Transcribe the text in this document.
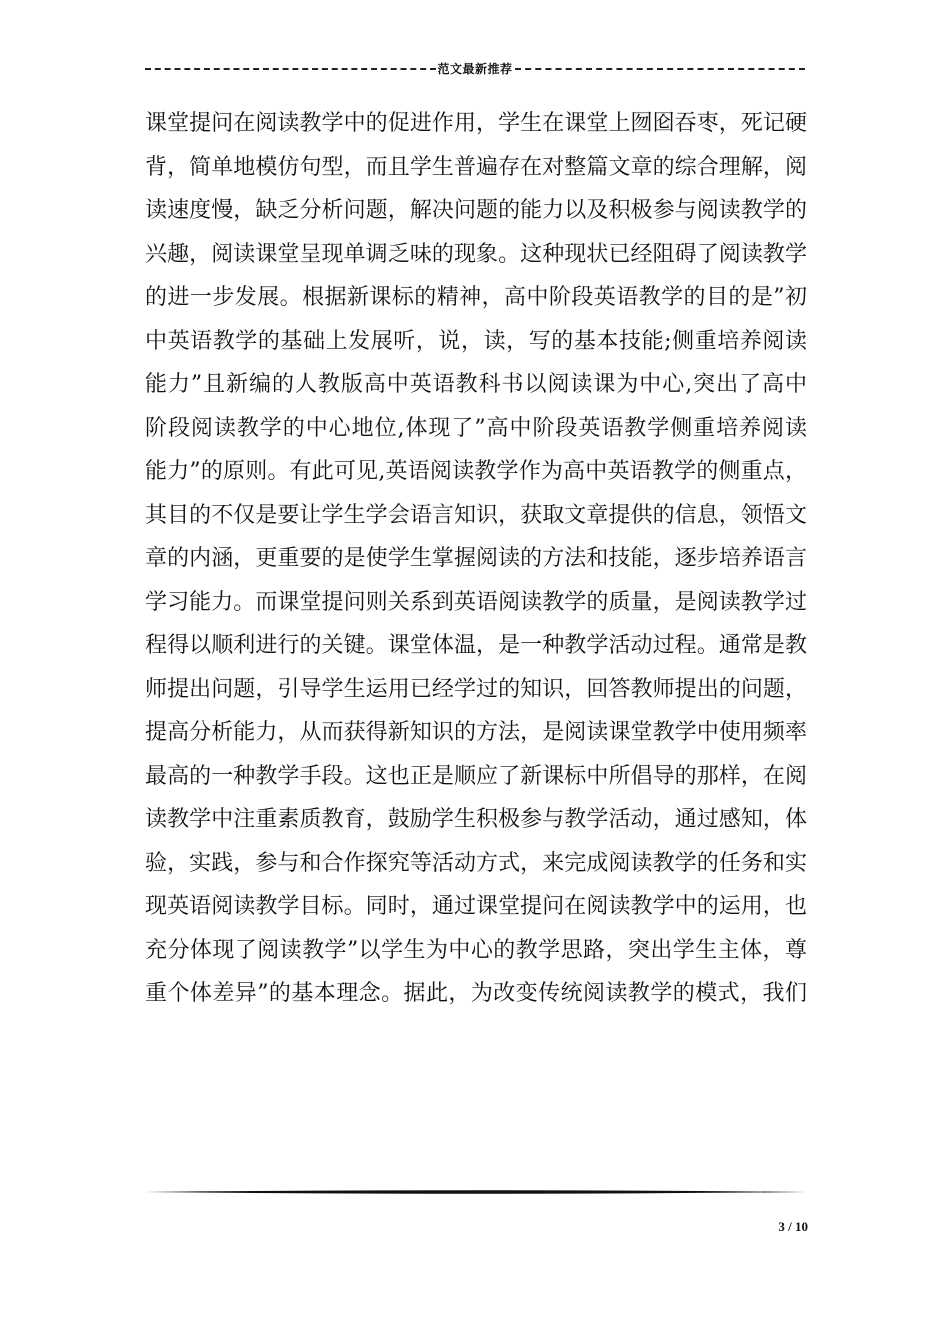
范文最新推荐
课堂提问在阅读教学中的促进作用，学生在课堂上囫囵吞枣，死记硬
背，简单地模仿句型，而且学生普遍存在对整篇文章的综合理解，阅
读速度慢，缺乏分析问题，解决问题的能力以及积极参与阅读教学的
兴趣，阅读课堂呈现单调乏味的现象。这种现状已经阻碍了阅读教学
的进一步发展。根据新课标的精神，高中阶段英语教学的目的是”初
中英语教学的基础上发展听，说，读，写的基本技能;侧重培养阅读
能力”且新编的人教版高中英语教科书以阅读课为中心,突出了高中
阶段阅读教学的中心地位,体现了”高中阶段英语教学侧重培养阅读
能力”的原则。有此可见,英语阅读教学作为高中英语教学的侧重点，
其目的不仅是要让学生学会语言知识，获取文章提供的信息，领悟文
章的内涵，更重要的是使学生掌握阅读的方法和技能，逐步培养语言
学习能力。而课堂提问则关系到英语阅读教学的质量，是阅读教学过
程得以顺利进行的关键。课堂体温，是一种教学活动过程。通常是教
师提出问题，引导学生运用已经学过的知识，回答教师提出的问题，
提高分析能力，从而获得新知识的方法，是阅读课堂教学中使用频率
最高的一种教学手段。这也正是顺应了新课标中所倡导的那样，在阅
读教学中注重素质教育，鼓励学生积极参与教学活动，通过感知，体
验，实践，参与和合作探究等活动方式，来完成阅读教学的任务和实
现英语阅读教学目标。同时，通过课堂提问在阅读教学中的运用，也
充分体现了阅读教学”以学生为中心的教学思路，突出学生主体，尊
重个体差异”的基本理念。据此，为改变传统阅读教学的模式，我们
3 / 10
